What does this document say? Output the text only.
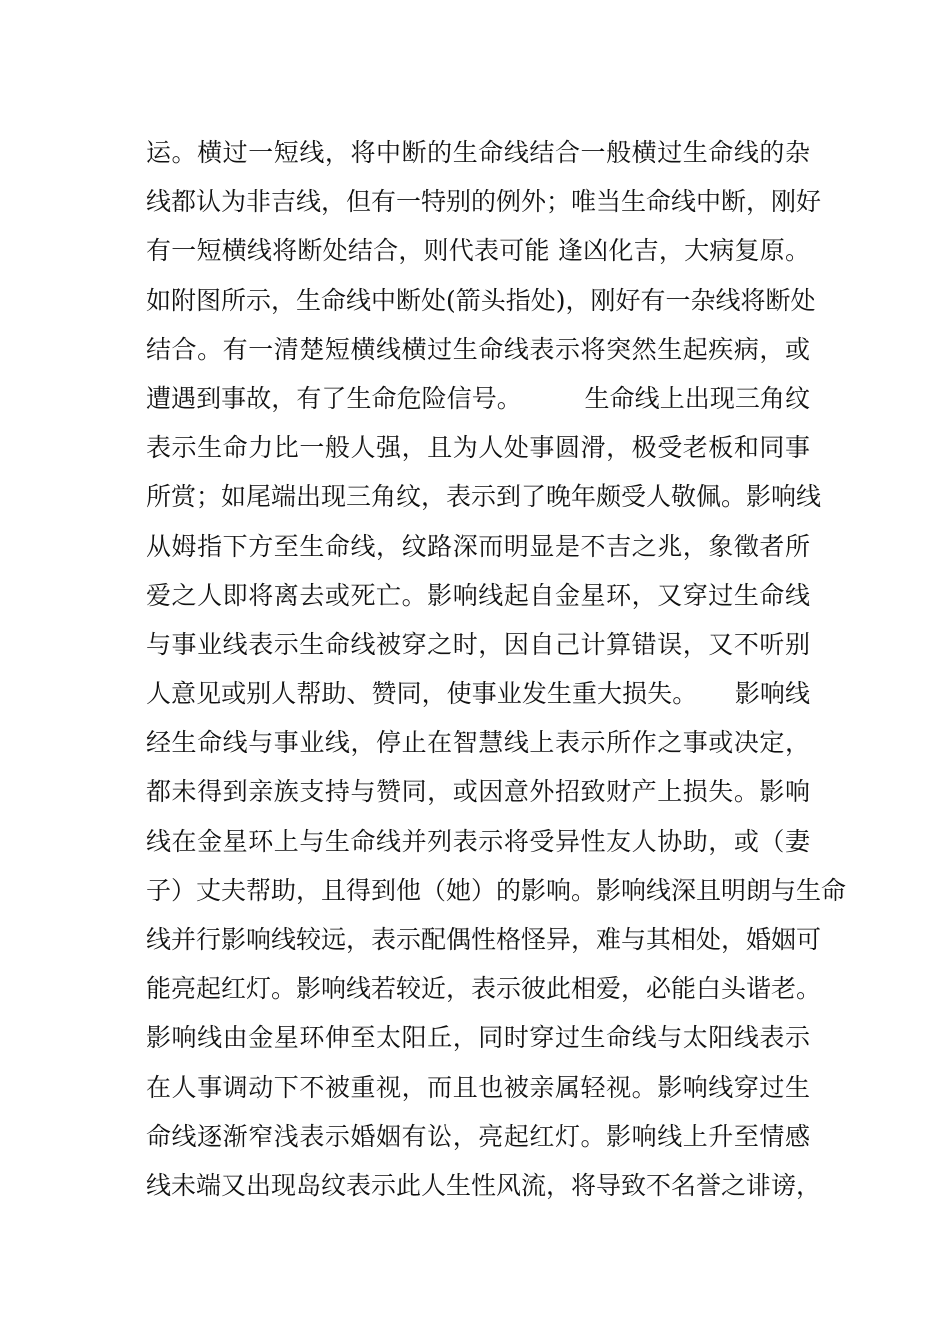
运。横过一短线，将中断的生命线结合一般横过生命线的杂
线都认为非吉线，但有一特别的例外；唯当生命线中断，刚好
有一短横线将断处结合，则代表可能 逢凶化吉，大病复原。
如附图所示，生命线中断处(箭头指处)，刚好有一杂线将断处
结合。有一清楚短横线横过生命线表示将突然生起疾病，或
遭遇到事故，有了生命危险信号。　　　生命线上出现三角纹
表示生命力比一般人强，且为人处事圆滑，极受老板和同事
所赏；如尾端出现三角纹，表示到了晚年颇受人敬佩。影响线
从姆指下方至生命线，纹路深而明显是不吉之兆，象徵者所
爱之人即将离去或死亡。影响线起自金星环，又穿过生命线
与事业线表示生命线被穿之时，因自己计算错误，又不听别
人意见或别人帮助、赞同，使事业发生重大损失。　　影响线
经生命线与事业线，停止在智慧线上表示所作之事或决定，
都未得到亲族支持与赞同，或因意外招致财产上损失。影响
线在金星环上与生命线并列表示将受异性友人协助，或（妻
子）丈夫帮助，且得到他（她）的影响。影响线深且明朗与生命
线并行影响线较远，表示配偶性格怪异，难与其相处，婚姻可
能亮起红灯。影响线若较近，表示彼此相爱，必能白头谐老。
影响线由金星环伸至太阳丘，同时穿过生命线与太阳线表示
在人事调动下不被重视，而且也被亲属轻视。影响线穿过生
命线逐渐窄浅表示婚姻有讼，亮起红灯。影响线上升至情感
线未端又出现岛纹表示此人生性风流，将导致不名誉之诽谤，
